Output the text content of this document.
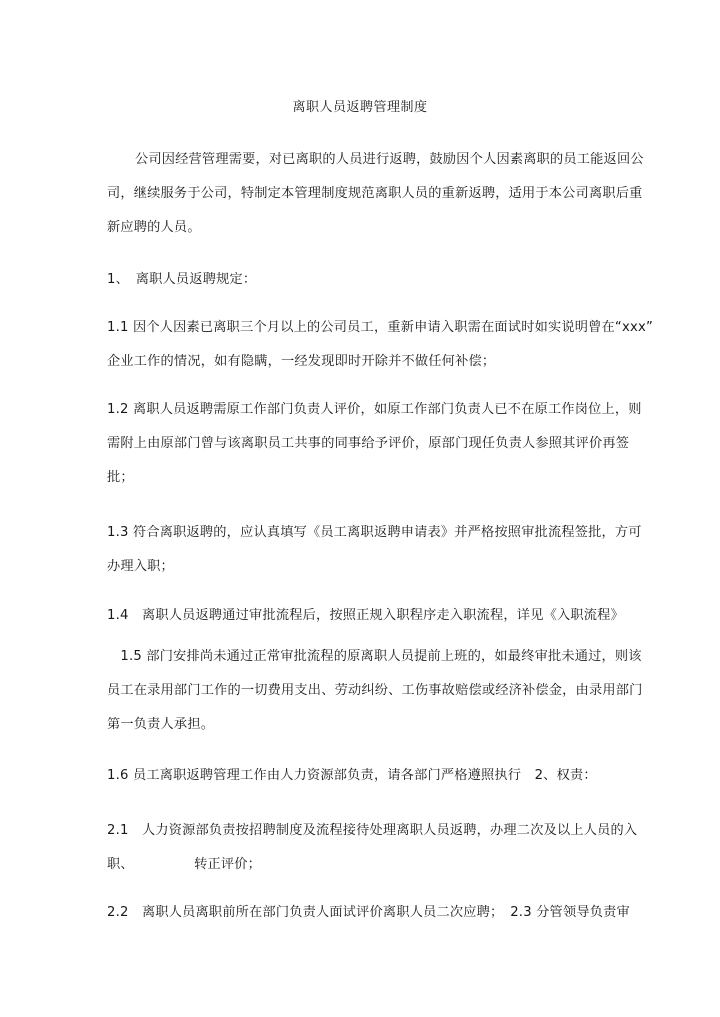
离职人员返聘管理制度
公司因经营管理需要，对已离职的人员进行返聘，鼓励因个人因素离职的员工能返回公
司，继续服务于公司，特制定本管理制度规范离职人员的重新返聘，适用于本公司离职后重
新应聘的人员。
1、　离职人员返聘规定：
1.1 因个人因素已离职三个月以上的公司员工，重新申请入职需在面试时如实说明曾在“xxx”
企业工作的情况，如有隐瞒，一经发现即时开除并不做任何补偿；
1.2 离职人员返聘需原工作部门负责人评价，如原工作部门负责人已不在原工作岗位上，则
需附上由原部门曾与该离职员工共事的同事给予评价，原部门现任负责人参照其评价再签
批；
1.3 符合离职返聘的，应认真填写《员工离职返聘申请表》并严格按照审批流程签批，方可
办理入职；
1.4　离职人员返聘通过审批流程后，按照正规入职程序走入职流程，详见《入职流程》
　1.5 部门安排尚未通过正常审批流程的原离职人员提前上班的，如最终审批未通过，则该
员工在录用部门工作的一切费用支出、劳动纠纷、工伤事故赔偿或经济补偿金，由录用部门
第一负责人承担。
1.6 员工离职返聘管理工作由人力资源部负责，请各部门严格遵照执行　2、权责：
2.1　人力资源部负责按招聘制度及流程接待处理离职人员返聘，办理二次及以上人员的入
职、　　　　　转正评价；
2.2　离职人员离职前所在部门负责人面试评价离职人员二次应聘；　2.3 分管领导负责审
